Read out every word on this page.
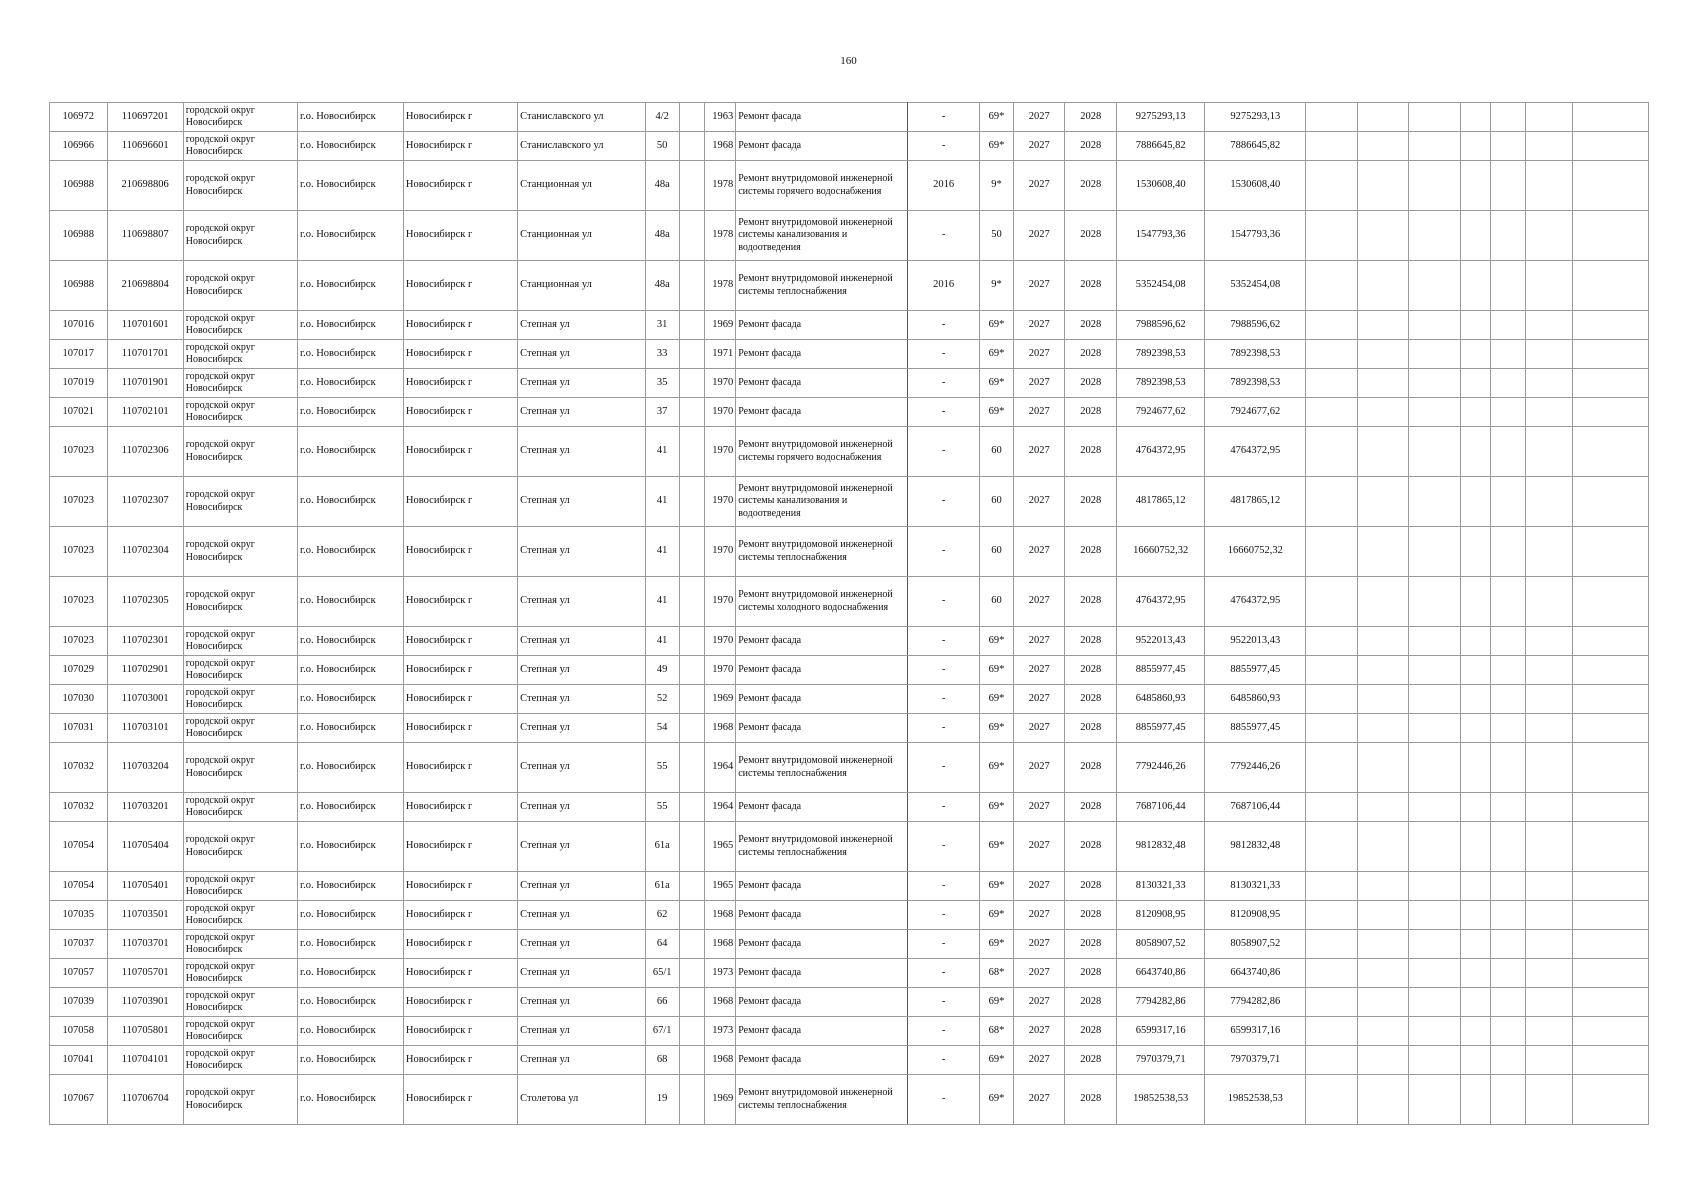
160
106972	110697201	городской округ Новосибирск	г.о. Новосибирск	Новосибирск г	Станиславского ул	4/2		1963	Ремонт фасада	-	69*	2027	2028	9275293,13	9275293,13							
106966	110696601	городской округ Новосибирск	г.о. Новосибирск	Новосибирск г	Станиславского ул	50		1968	Ремонт фасада	-	69*	2027	2028	7886645,82	7886645,82							
106988	210698806	городской округ Новосибирск	г.о. Новосибирск	Новосибирск г	Станционная ул	48а		1978	Ремонт внутридомовой инженерной системы горячего водоснабжения	2016	9*	2027	2028	1530608,40	1530608,40							
106988	110698807	городской округ Новосибирск	г.о. Новосибирск	Новосибирск г	Станционная ул	48а		1978	Ремонт внутридомовой инженерной системы канализования и водоотведения	-	50	2027	2028	1547793,36	1547793,36							
106988	210698804	городской округ Новосибирск	г.о. Новосибирск	Новосибирск г	Станционная ул	48а		1978	Ремонт внутридомовой инженерной системы теплоснабжения	2016	9*	2027	2028	5352454,08	5352454,08							
107016	110701601	городской округ Новосибирск	г.о. Новосибирск	Новосибирск г	Степная ул	31		1969	Ремонт фасада	-	69*	2027	2028	7988596,62	7988596,62							
107017	110701701	городской округ Новосибирск	г.о. Новосибирск	Новосибирск г	Степная ул	33		1971	Ремонт фасада	-	69*	2027	2028	7892398,53	7892398,53							
107019	110701901	городской округ Новосибирск	г.о. Новосибирск	Новосибирск г	Степная ул	35		1970	Ремонт фасада	-	69*	2027	2028	7892398,53	7892398,53							
107021	110702101	городской округ Новосибирск	г.о. Новосибирск	Новосибирск г	Степная ул	37		1970	Ремонт фасада	-	69*	2027	2028	7924677,62	7924677,62							
107023	110702306	городской округ Новосибирск	г.о. Новосибирск	Новосибирск г	Степная ул	41		1970	Ремонт внутридомовой инженерной системы горячего водоснабжения	-	60	2027	2028	4764372,95	4764372,95							
107023	110702307	городской округ Новосибирск	г.о. Новосибирск	Новосибирск г	Степная ул	41		1970	Ремонт внутридомовой инженерной системы канализования и водоотведения	-	60	2027	2028	4817865,12	4817865,12							
107023	110702304	городской округ Новосибирск	г.о. Новосибирск	Новосибирск г	Степная ул	41		1970	Ремонт внутридомовой инженерной системы теплоснабжения	-	60	2027	2028	16660752,32	16660752,32							
107023	110702305	городской округ Новосибирск	г.о. Новосибирск	Новосибирск г	Степная ул	41		1970	Ремонт внутридомовой инженерной системы холодного водоснабжения	-	60	2027	2028	4764372,95	4764372,95							
107023	110702301	городской округ Новосибирск	г.о. Новосибирск	Новосибирск г	Степная ул	41		1970	Ремонт фасада	-	69*	2027	2028	9522013,43	9522013,43							
107029	110702901	городской округ Новосибирск	г.о. Новосибирск	Новосибирск г	Степная ул	49		1970	Ремонт фасада	-	69*	2027	2028	8855977,45	8855977,45							
107030	110703001	городской округ Новосибирск	г.о. Новосибирск	Новосибирск г	Степная ул	52		1969	Ремонт фасада	-	69*	2027	2028	6485860,93	6485860,93							
107031	110703101	городской округ Новосибирск	г.о. Новосибирск	Новосибирск г	Степная ул	54		1968	Ремонт фасада	-	69*	2027	2028	8855977,45	8855977,45							
107032	110703204	городской округ Новосибирск	г.о. Новосибирск	Новосибирск г	Степная ул	55		1964	Ремонт внутридомовой инженерной системы теплоснабжения	-	69*	2027	2028	7792446,26	7792446,26							
107032	110703201	городской округ Новосибирск	г.о. Новосибирск	Новосибирск г	Степная ул	55		1964	Ремонт фасада	-	69*	2027	2028	7687106,44	7687106,44							
107054	110705404	городской округ Новосибирск	г.о. Новосибирск	Новосибирск г	Степная ул	61а		1965	Ремонт внутридомовой инженерной системы теплоснабжения	-	69*	2027	2028	9812832,48	9812832,48							
107054	110705401	городской округ Новосибирск	г.о. Новосибирск	Новосибирск г	Степная ул	61а		1965	Ремонт фасада	-	69*	2027	2028	8130321,33	8130321,33							
107035	110703501	городской округ Новосибирск	г.о. Новосибирск	Новосибирск г	Степная ул	62		1968	Ремонт фасада	-	69*	2027	2028	8120908,95	8120908,95							
107037	110703701	городской округ Новосибирск	г.о. Новосибирск	Новосибирск г	Степная ул	64		1968	Ремонт фасада	-	69*	2027	2028	8058907,52	8058907,52							
107057	110705701	городской округ Новосибирск	г.о. Новосибирск	Новосибирск г	Степная ул	65/1		1973	Ремонт фасада	-	68*	2027	2028	6643740,86	6643740,86							
107039	110703901	городской округ Новосибирск	г.о. Новосибирск	Новосибирск г	Степная ул	66		1968	Ремонт фасада	-	69*	2027	2028	7794282,86	7794282,86							
107058	110705801	городской округ Новосибирск	г.о. Новосибирск	Новосибирск г	Степная ул	67/1		1973	Ремонт фасада	-	68*	2027	2028	6599317,16	6599317,16							
107041	110704101	городской округ Новосибирск	г.о. Новосибирск	Новосибирск г	Степная ул	68		1968	Ремонт фасада	-	69*	2027	2028	7970379,71	7970379,71							
107067	110706704	городской округ Новосибирск	г.о. Новосибирск	Новосибирск г	Столетова ул	19		1969	Ремонт внутридомовой инженерной системы теплоснабжения	-	69*	2027	2028	19852538,53	19852538,53							
